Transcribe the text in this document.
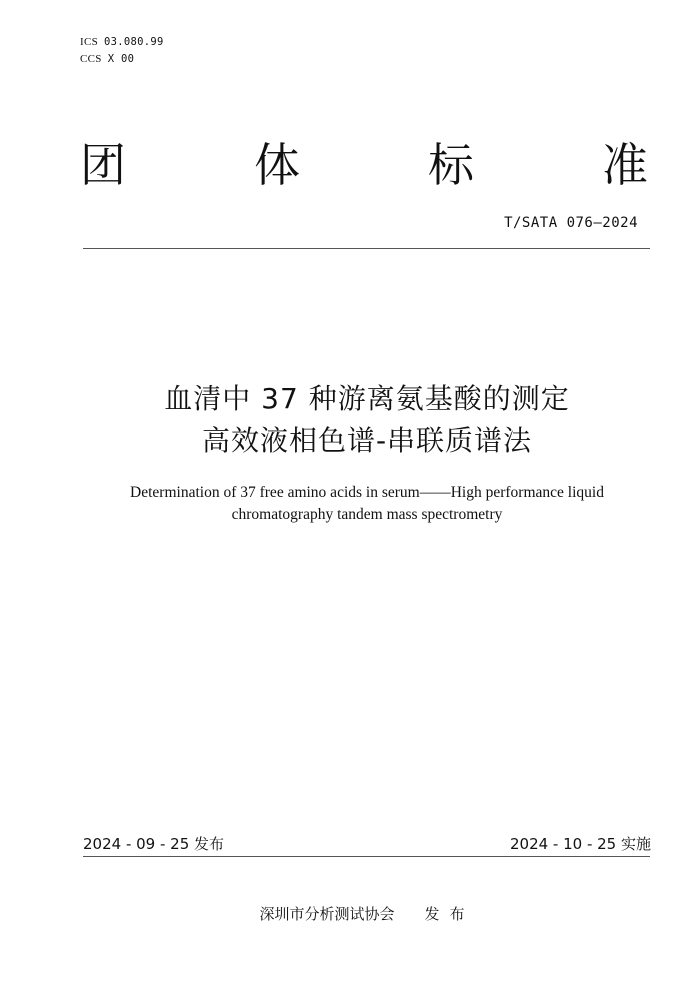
ICS 03.080.99
CCS X 00
团	体	标	准
T/SATA 076—2024
血清中 37 种游离氨基酸的测定
高效液相色谱-串联质谱法
Determination of 37 free amino acids in serum——High performance liquid
chromatography tandem mass spectrometry
2024 - 09 - 25 发布	2024 - 10 - 25 实施
深圳市分析测试协会 发布
